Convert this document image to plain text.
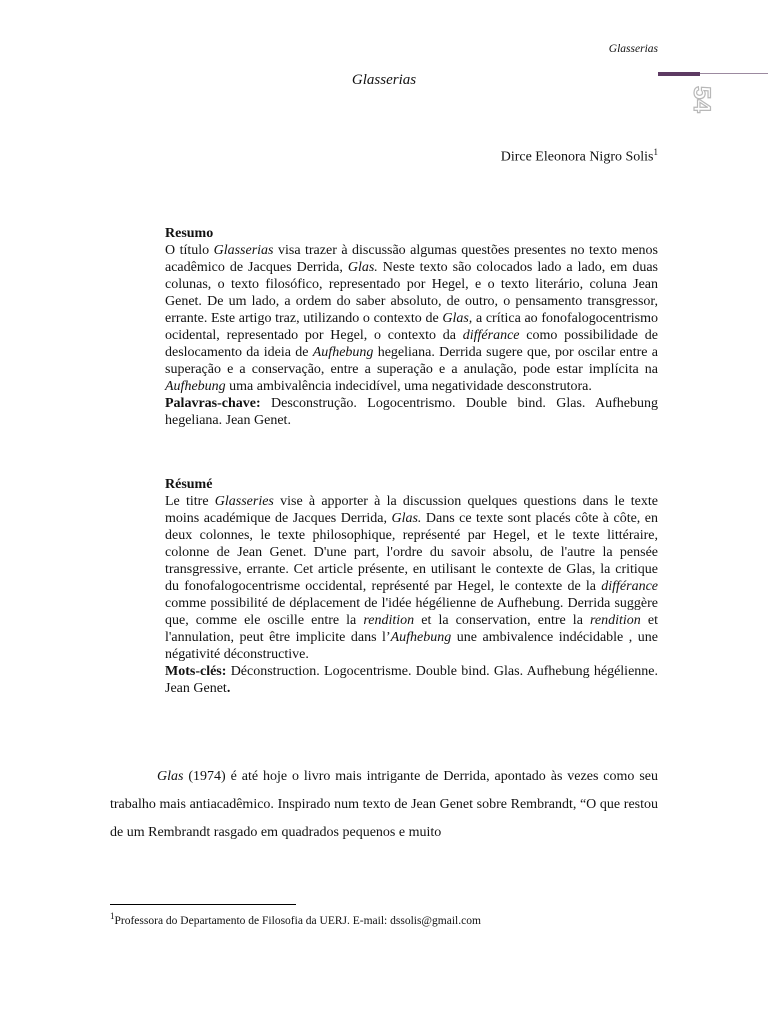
Glasserias
54
Glasserias
Dirce Eleonora Nigro Solis$^1$

Resumo

O título Glasserias visa trazer à discussão algumas questões presentes no texto menos acadêmico de Jacques Derrida, Glas. Neste texto são colocados lado a lado, em duas colunas, o texto filosófico, representado por Hegel, e o texto literário, coluna Jean Genet. De um lado, a ordem do saber absoluto, de outro, o pensamento transgressor, errante. Este artigo traz, utilizando o contexto de Glas, a crítica ao fonofalogocentrismo ocidental, representado por Hegel, o contexto da différance como possibilidade de deslocamento da ideia de Aufhebung hegeliana. Derrida sugere que, por oscilar entre a superação e a conservação, entre a superação e a anulação, pode estar implícita na Aufhebung uma ambivalência indecidível, uma negatividade desconstrutora.

Palavras-chave: Desconstrução. Logocentrismo. Double bind. Glas. Aufhebung hegeliana. Jean Genet.

Résumé

Le titre Glasseries vise à apporter à la discussion quelques questions dans le texte moins académique de Jacques Derrida, Glas. Dans ce texte sont placés côte à côte, en deux colonnes, le texte philosophique, représenté par Hegel, et le texte littéraire, colonne de Jean Genet. D'une part, l'ordre du savoir absolu, de l'autre la pensée transgressive, errante. Cet article présente, en utilisant le contexte de Glas, la critique du fonofalogocentrisme occidental, représenté par Hegel, le contexte de la différance comme possibilité de déplacement de l'idée hégélienne de Aufhebung. Derrida suggère que, comme ele oscille entre la rendition et la conservation, entre la rendition et l'annulation, peut être implicite dans l’Aufhebung une ambivalence indécidable , une négativité déconstructive.

Mots-clés: Déconstruction. Logocentrisme. Double bind. Glas. Aufhebung hégélienne. Jean Genet.

Glas (1974) é até hoje o livro mais intrigante de Derrida, apontado às vezes como seu trabalho mais antiacadêmico. Inspirado num texto de Jean Genet sobre Rembrandt, “O que restou de um Rembrandt rasgado em quadrados pequenos e muito

$^1$Professora do Departamento de Filosofia da UERJ. E-mail: dssolis@gmail.com
